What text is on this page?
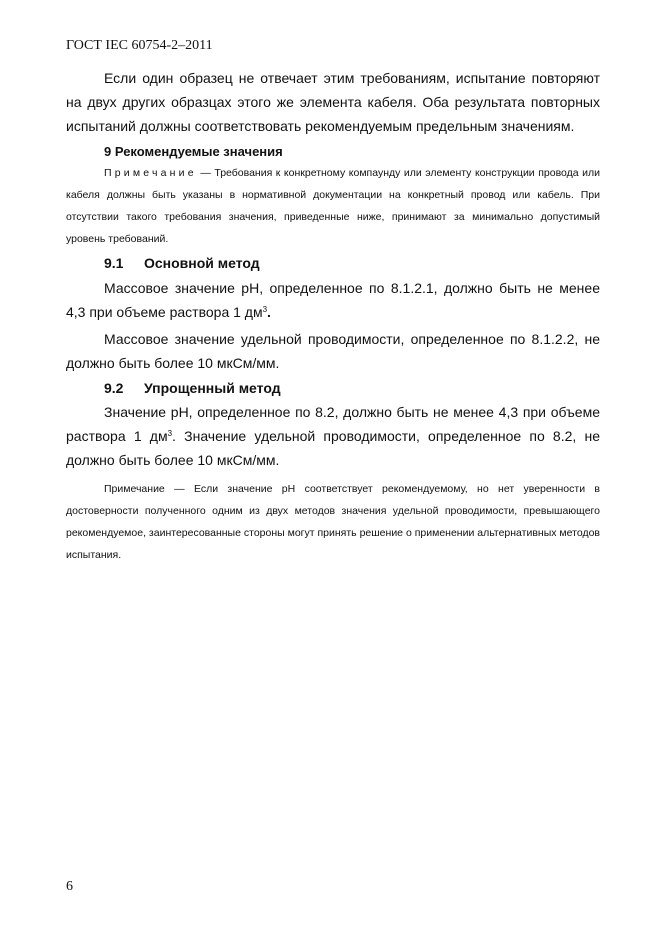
ГОСТ IEC 60754-2–2011

Если один образец не отвечает этим требованиям, испытание повторяют на двух других образцах этого же элемента кабеля. Оба результата повторных испытаний должны соответствовать рекомендуемым предельным значениям.

9 Рекомендуемые значения

Примечание — Требования к конкретному компаунду или элементу конструкции провода или кабеля должны быть указаны в нормативной документации на конкретный провод или кабель. При отсутствии такого требования значения, приведенные ниже, принимают за минимально допустимый уровень требований.

9.1 Основной метод

Массовое значение pH, определенное по 8.1.2.1, должно быть не менее 4,3 при объеме раствора 1 $дм^3$.

Массовое значение удельной проводимости, определенное по 8.1.2.2, не должно быть более 10 мкСм/мм.

9.2 Упрощенный метод

Значение pH, определенное по 8.2, должно быть не менее 4,3 при объеме раствора 1 $дм^3$. Значение удельной проводимости, определенное по 8.2, не должно быть более 10 мкСм/мм.

Примечание — Если значение pH соответствует рекомендуемому, но нет уверенности в достоверности полученного одним из двух методов значения удельной проводимости, превышающего рекомендуемое, заинтересованные стороны могут принять решение о применении альтернативных методов испытания.

6
